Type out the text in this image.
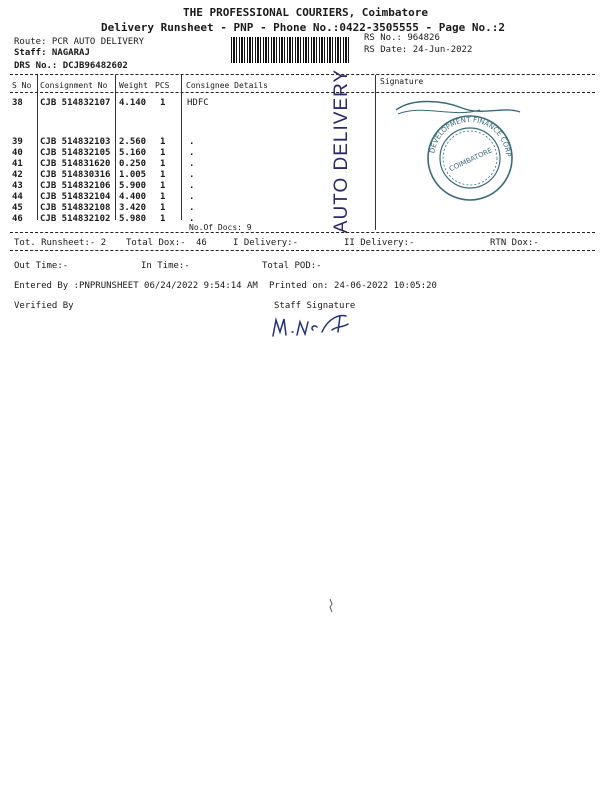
THE PROFESSIONAL COURIERS, Coimbatore
Delivery Runsheet - PNP - Phone No.:0422-3505555 - Page No.:2
Route: PCR AUTO DELIVERY
Staff: NAGARAJ
DRS No.: DCJB96482602
RS No.: 964826
RS Date: 24-Jun-2022
S No Consignment No Weight PCS Consignee Details	Signature
38 CJB 514832107 4.140 1 HDFC
39 CJB 514832103 2.560 1	.
40 CJB 514832105 5.160 1	.
41 CJB 514831620 0.250 1	.
42 CJB 514830316 1.005 1	.
43 CJB 514832106 5.900 1	.
44 CJB 514832104 4.400 1	.
45 CJB 514832108 3.420 1	.
46 CJB 514832102 5.980 1	.
No.Of Docs: 9	AUTO DELIVERY	DEVELOPMENT FINANCE CORP
COIMBATORE
Tot. Runsheet:- 2 Total Dox:- 46	I Delivery:-	II Delivery:-	RTN Dox:-
Out Time:-	In Time:-	Total POD:-
Entered By :PNPRUNSHEET 06/24/2022 9:54:14 AM Printed on: 24-06-2022 10:05:20
Verified By	Staff Signature
